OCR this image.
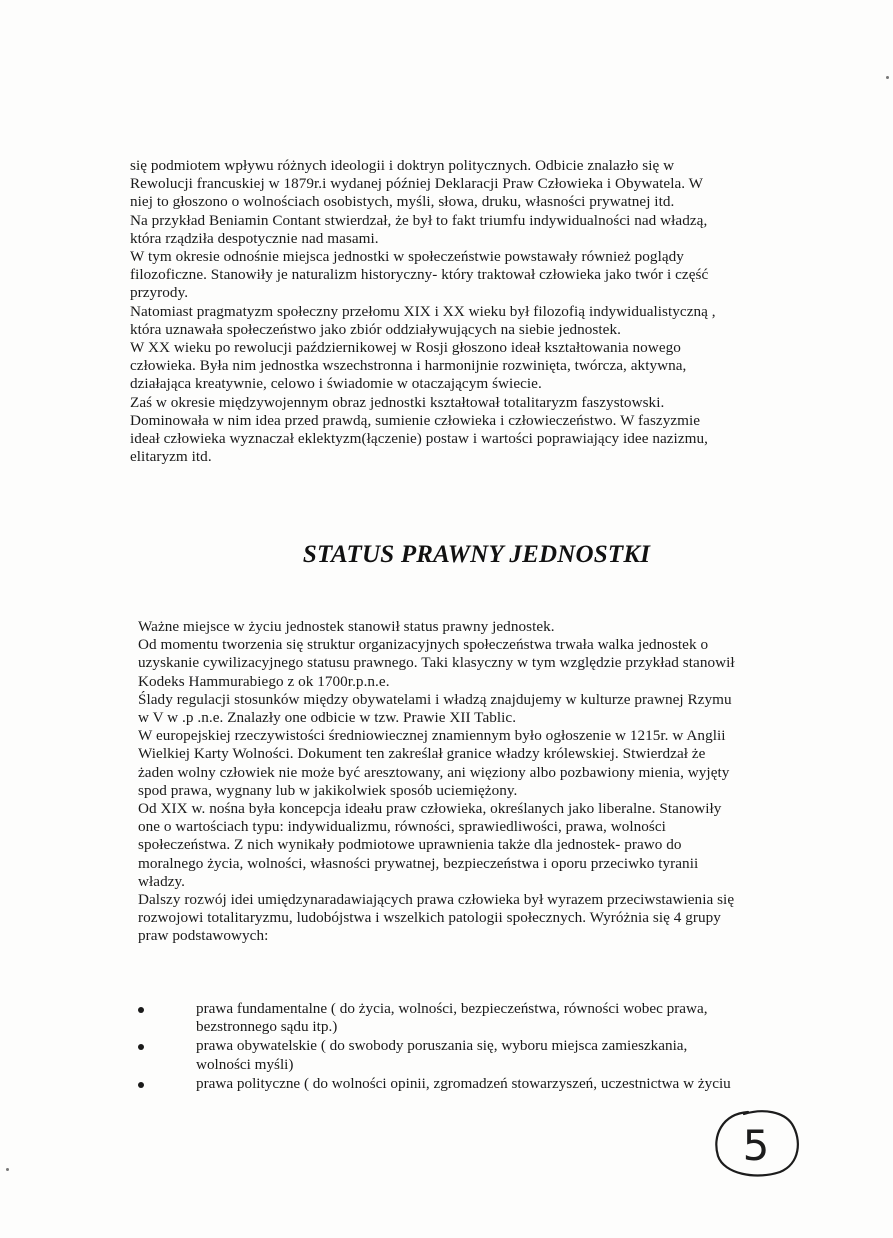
się podmiotem wpływu różnych ideologii i doktryn politycznych. Odbicie znalazło się w
Rewolucji francuskiej w 1879r.i wydanej później Deklaracji Praw Człowieka i Obywatela. W
niej to głoszono o wolnościach osobistych, myśli, słowa, druku, własności prywatnej itd.
Na przykład Beniamin Contant stwierdzał, że był to fakt triumfu indywidualności nad władzą,
która rządziła despotycznie nad masami.
W tym okresie odnośnie miejsca jednostki w społeczeństwie powstawały również poglądy
filozoficzne. Stanowiły je naturalizm historyczny- który traktował człowieka jako twór i część
przyrody.
Natomiast pragmatyzm społeczny przełomu XIX i XX wieku był filozofią indywidualistyczną ,
która uznawała społeczeństwo jako zbiór oddziaływujących na siebie jednostek.
W XX wieku po rewolucji październikowej w Rosji głoszono ideał kształtowania nowego
człowieka. Była nim jednostka wszechstronna i harmonijnie rozwinięta, twórcza, aktywna,
działająca kreatywnie, celowo i świadomie w otaczającym świecie.
Zaś w okresie międzywojennym obraz jednostki kształtował totalitaryzm faszystowski.
Dominowała w nim idea przed prawdą, sumienie człowieka i człowieczeństwo. W faszyzmie
ideał człowieka wyznaczał eklektyzm(łączenie) postaw i wartości poprawiający idee nazizmu,
elitaryzm itd.
STATUS PRAWNY JEDNOSTKI
Ważne miejsce w życiu jednostek stanowił status prawny jednostek.
Od momentu tworzenia się struktur organizacyjnych społeczeństwa trwała walka jednostek o
uzyskanie cywilizacyjnego statusu prawnego. Taki klasyczny w tym względzie przykład stanowił
Kodeks Hammurabiego z ok 1700r.p.n.e.
Ślady regulacji stosunków między obywatelami i władzą znajdujemy w kulturze prawnej Rzymu
w V w .p .n.e. Znalazły one odbicie w tzw. Prawie XII Tablic.
W europejskiej rzeczywistości średniowiecznej znamiennym było ogłoszenie w 1215r. w Anglii
Wielkiej Karty Wolności. Dokument ten zakreślał granice władzy królewskiej. Stwierdzał że
żaden wolny człowiek nie może być aresztowany, ani więziony albo pozbawiony mienia, wyjęty
spod prawa, wygnany lub w jakikolwiek sposób uciemiężony.
Od XIX w. nośna była koncepcja ideału praw człowieka, określanych jako liberalne. Stanowiły
one o wartościach typu: indywidualizmu, równości, sprawiedliwości, prawa, wolności
społeczeństwa. Z nich wynikały podmiotowe uprawnienia także dla jednostek- prawo do
moralnego życia, wolności, własności prywatnej, bezpieczeństwa i oporu przeciwko tyranii
władzy.
Dalszy rozwój idei umiędzynaradawiających prawa człowieka był wyrazem przeciwstawienia się
rozwojowi totalitaryzmu, ludobójstwa i wszelkich patologii społecznych. Wyróżnia się 4 grupy
praw podstawowych:
prawa fundamentalne ( do życia, wolności, bezpieczeństwa, równości wobec prawa,
bezstronnego sądu itp.)
prawa obywatelskie ( do swobody poruszania się, wyboru miejsca zamieszkania,
wolności myśli)
prawa polityczne ( do wolności opinii, zgromadzeń stowarzyszeń, uczestnictwa w życiu
5
